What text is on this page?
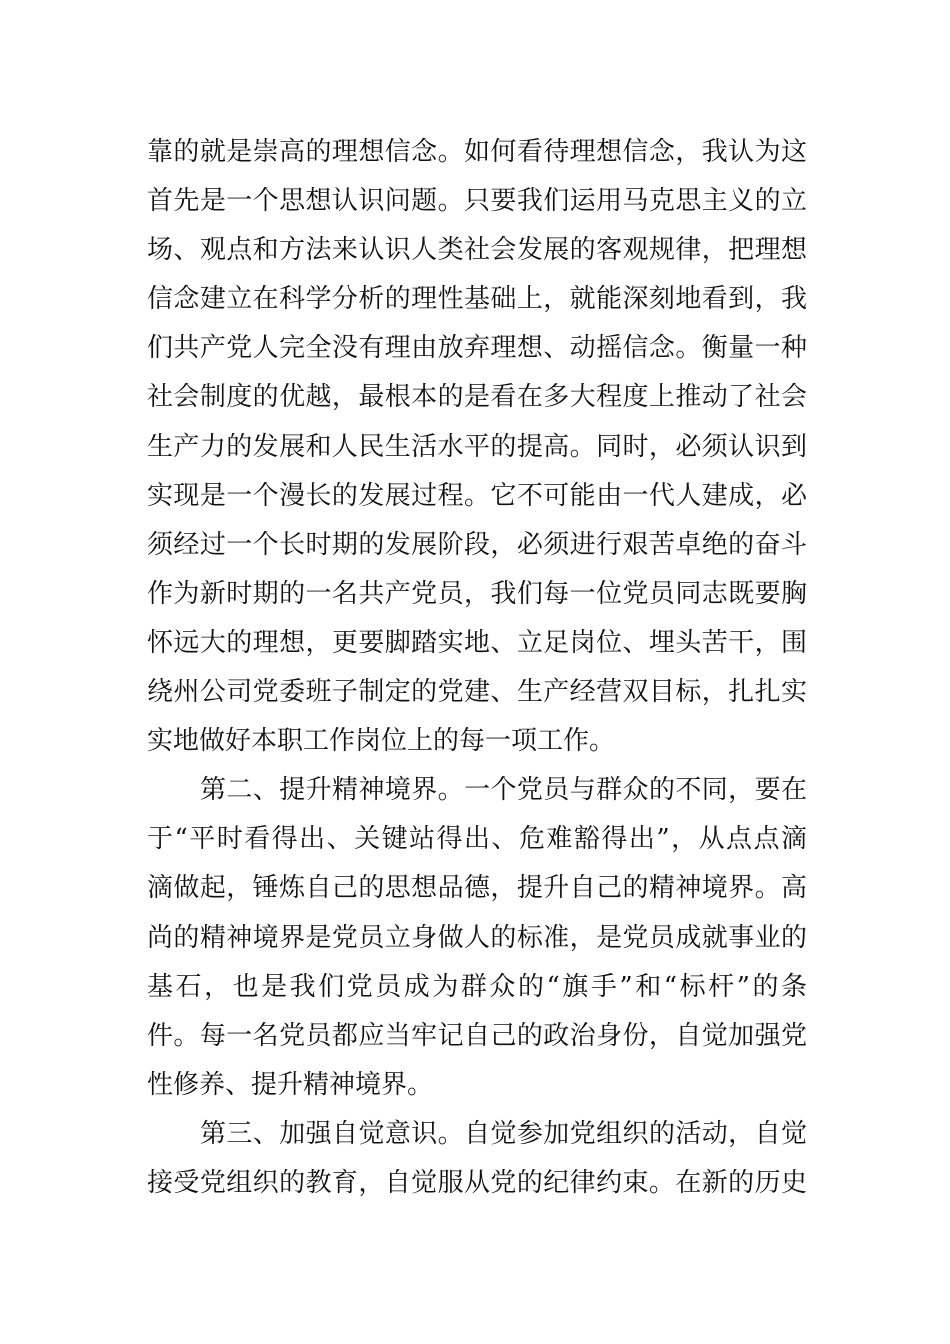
靠的就是崇高的理想信念。如何看待理想信念，我认为这
首先是一个思想认识问题。只要我们运用马克思主义的立
场、观点和方法来认识人类社会发展的客观规律，把理想
信念建立在科学分析的理性基础上，就能深刻地看到，我
们共产党人完全没有理由放弃理想、动摇信念。衡量一种
社会制度的优越，最根本的是看在多大程度上推动了社会
生产力的发展和人民生活水平的提高。同时，必须认识到
实现是一个漫长的发展过程。它不可能由一代人建成，必
须经过一个长时期的发展阶段，必须进行艰苦卓绝的奋斗
作为新时期的一名共产党员，我们每一位党员同志既要胸
怀远大的理想，更要脚踏实地、立足岗位、埋头苦干，围
绕州公司党委班子制定的党建、生产经营双目标，扎扎实
实地做好本职工作岗位上的每一项工作。
第二、提升精神境界。一个党员与群众的不同，要在
于“平时看得出、关键站得出、危难豁得出”，从点点滴
滴做起，锤炼自己的思想品德，提升自己的精神境界。高
尚的精神境界是党员立身做人的标准，是党员成就事业的
基石，也是我们党员成为群众的“旗手”和“标杆”的条
件。每一名党员都应当牢记自己的政治身份，自觉加强党
性修养、提升精神境界。
第三、加强自觉意识。自觉参加党组织的活动，自觉
接受党组织的教育，自觉服从党的纪律约束。在新的历史
